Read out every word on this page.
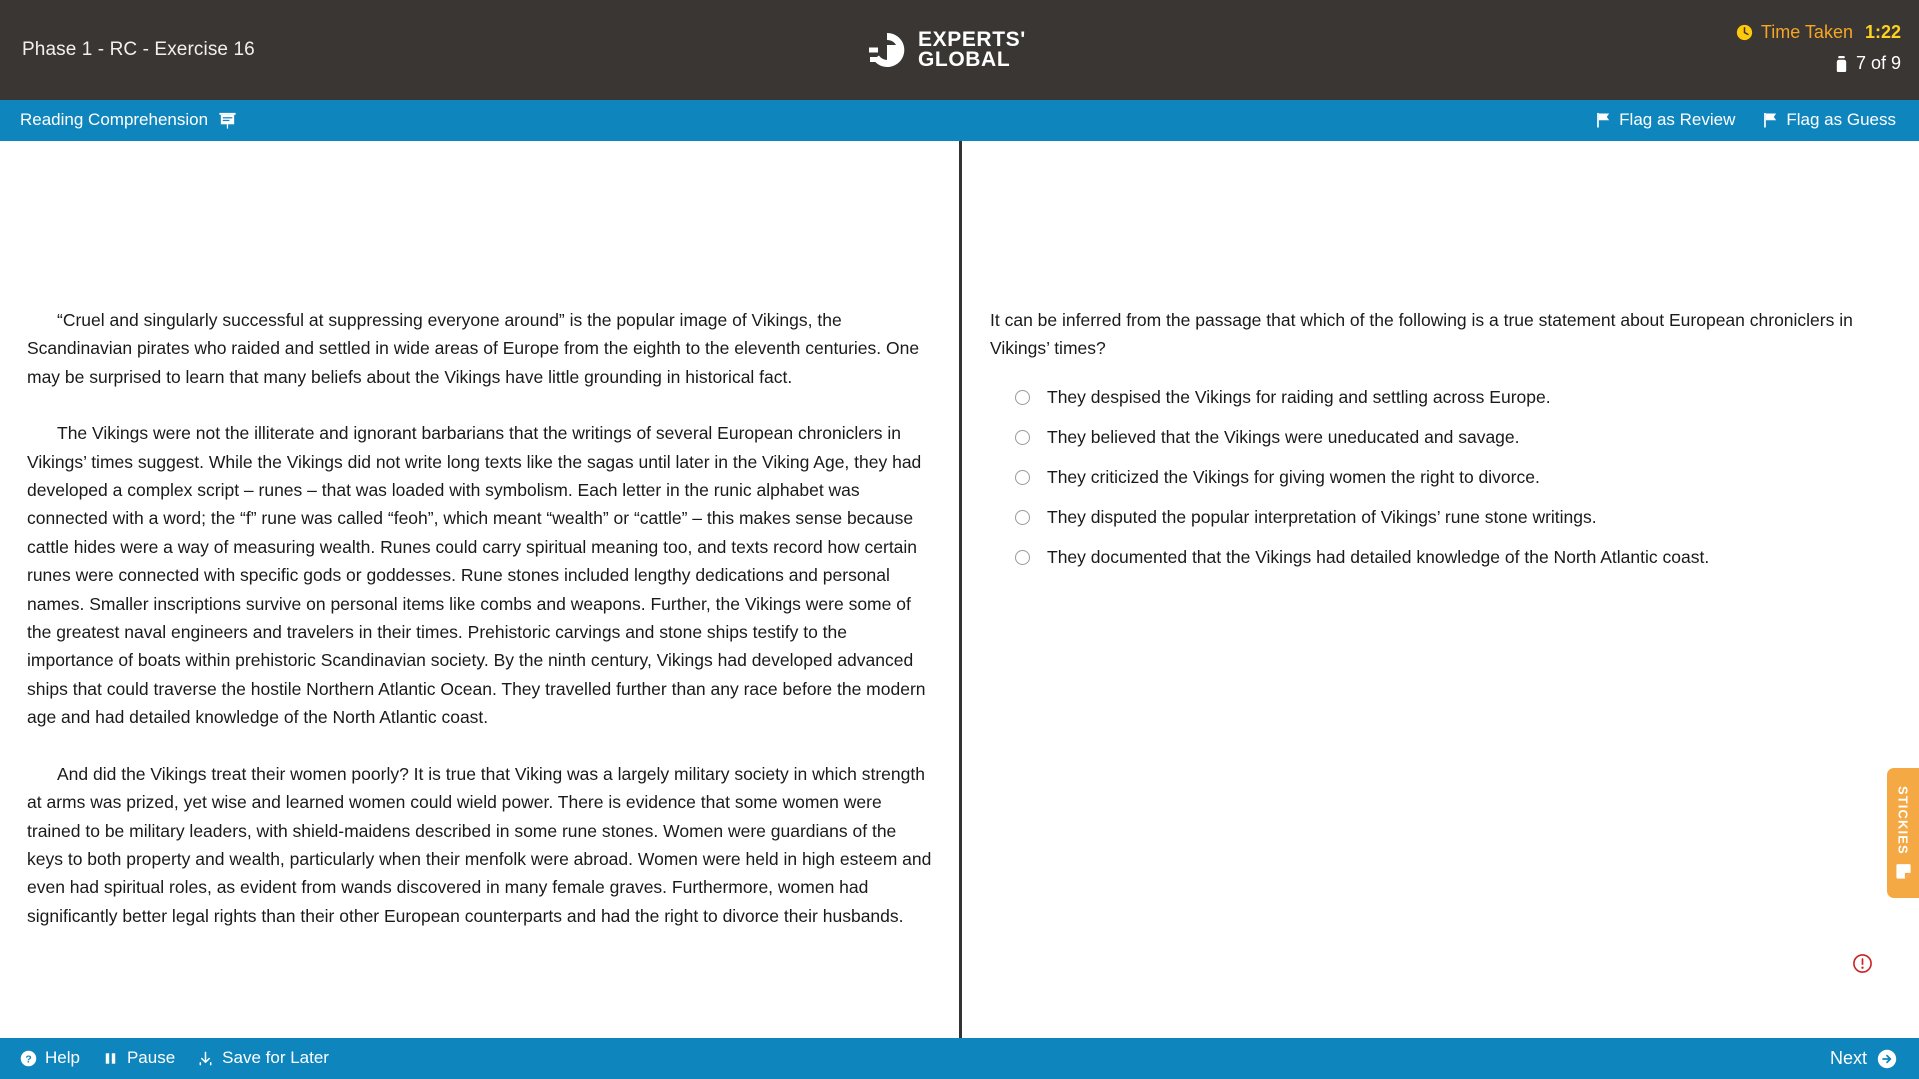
Phase 1 - RC - Exercise 16	EXPERTS'
GLOBAL
Time Taken 1:22
7 of 9
Reading Comprehension	Flag as Review	Flag as Guess

“Cruel and singularly successful at suppressing everyone around” is the popular image of Vikings, the Scandinavian pirates who raided and settled in wide areas of Europe from the eighth to the eleventh centuries. One may be surprised to learn that many beliefs about the Vikings have little grounding in historical fact.

The Vikings were not the illiterate and ignorant barbarians that the writings of several European chroniclers in Vikings’ times suggest. While the Vikings did not write long texts like the sagas until later in the Viking Age, they had developed a complex script – runes – that was loaded with symbolism. Each letter in the runic alphabet was connected with a word; the “f” rune was called “feoh”, which meant “wealth” or “cattle” – this makes sense because cattle hides were a way of measuring wealth. Runes could carry spiritual meaning too, and texts record how certain runes were connected with specific gods or goddesses. Rune stones included lengthy dedications and personal names. Smaller inscriptions survive on personal items like combs and weapons. Further, the Vikings were some of the greatest naval engineers and travelers in their times. Prehistoric carvings and stone ships testify to the importance of boats within prehistoric Scandinavian society. By the ninth century, Vikings had developed advanced ships that could traverse the hostile Northern Atlantic Ocean. They travelled further than any race before the modern age and had detailed knowledge of the North Atlantic coast.

And did the Vikings treat their women poorly? It is true that Viking was a largely military society in which strength at arms was prized, yet wise and learned women could wield power. There is evidence that some women were trained to be military leaders, with shield-maidens described in some rune stones. Women were guardians of the keys to both property and wealth, particularly when their menfolk were abroad. Women were held in high esteem and even had spiritual roles, as evident from wands discovered in many female graves. Furthermore, women had significantly better legal rights than their other European counterparts and had the right to divorce their husbands.

It can be inferred from the passage that which of the following is a true statement about European chroniclers in Vikings’ times?
They despised the Vikings for raiding and settling across Europe.
They believed that the Vikings were uneducated and savage.
They criticized the Vikings for giving women the right to divorce.
They disputed the popular interpretation of Vikings’ rune stone writings.
They documented that the Vikings had detailed knowledge of the North Atlantic coast.
STICKIES
? Help	Pause	Save for Later	Next
